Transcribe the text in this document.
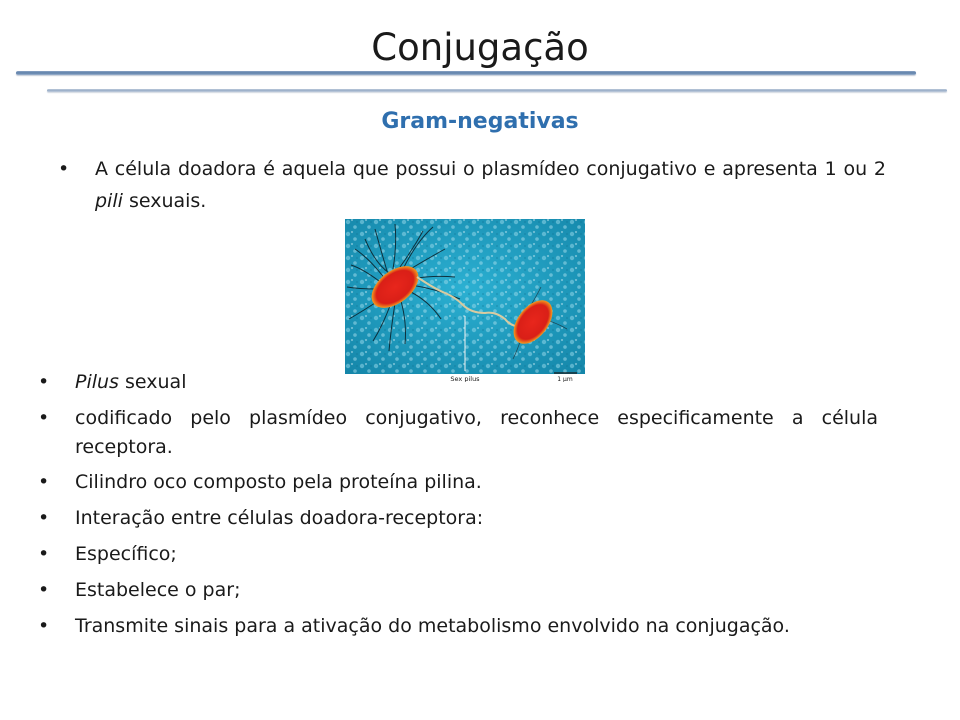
Conjugação
Gram-negativas
• A célula doadora é aquela que possui o plasmídeo conjugativo e apresenta 1 ou 2 pili sexuais.
Sex pilus	1 μm
• Pilus sexual
• codificado pelo plasmídeo conjugativo, reconhece especificamente a célula receptora.
• Cilindro oco composto pela proteína pilina.
• Interação entre células doadora-receptora:
• Específico;
• Estabelece o par;
• Transmite sinais para a ativação do metabolismo envolvido na conjugação.
